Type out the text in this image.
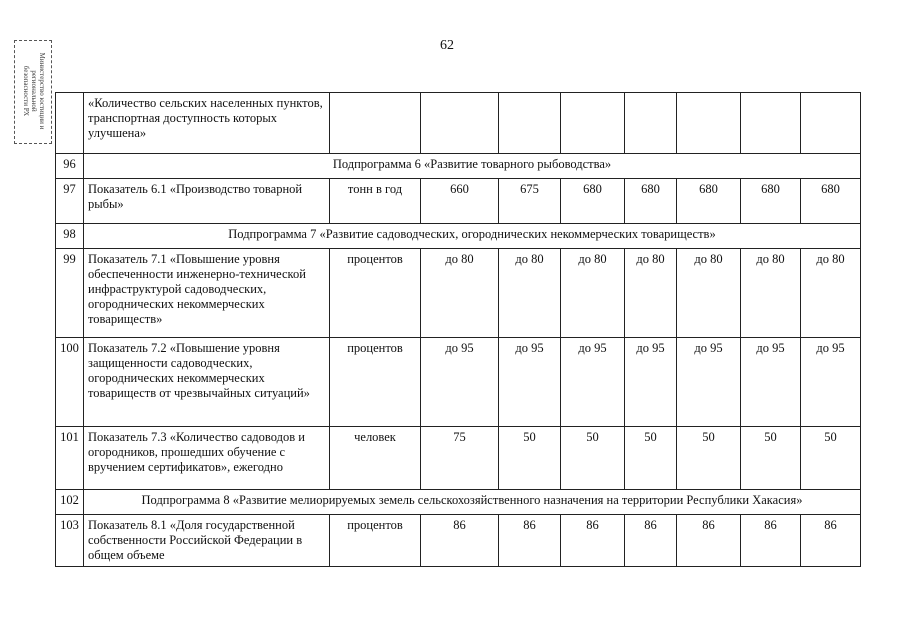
62
Министерство юстиции и региональной
безопасности РХ
		«Количество сельских населенных пунктов, транспортная доступность которых улучшена»								
96	Подпрограмма 6 «Развитие товарного рыбоводства»								
97	Показатель 6.1 «Производство товарной рыбы»	тонн в год	660	675	680	680	680	680	680
98	Подпрограмма 7 «Развитие садоводческих, огороднических некоммерческих товариществ»								
99	Показатель 7.1 «Повышение уровня обеспеченности инженерно-технической инфраструктурой садоводческих, огороднических некоммерческих товариществ»	процентов	до 80	до 80	до 80	до 80	до 80	до 80	до 80
100	Показатель 7.2 «Повышение уровня защищенности садоводческих, огороднических некоммерческих товариществ от чрезвычайных ситуаций»	процентов	до 95	до 95	до 95	до 95	до 95	до 95	до 95
101	Показатель 7.3 «Количество садоводов и огородников, прошедших обучение с вручением сертификатов», ежегодно	человек	75	50	50	50	50	50	50
102	Подпрограмма 8 «Развитие мелиорируемых земель сельскохозяйственного назначения на территории Республики Хакасия»								
103	Показатель 8.1 «Доля государственной собственности Российской Федерации в общем объеме	процентов	86	86	86	86	86	86	86
